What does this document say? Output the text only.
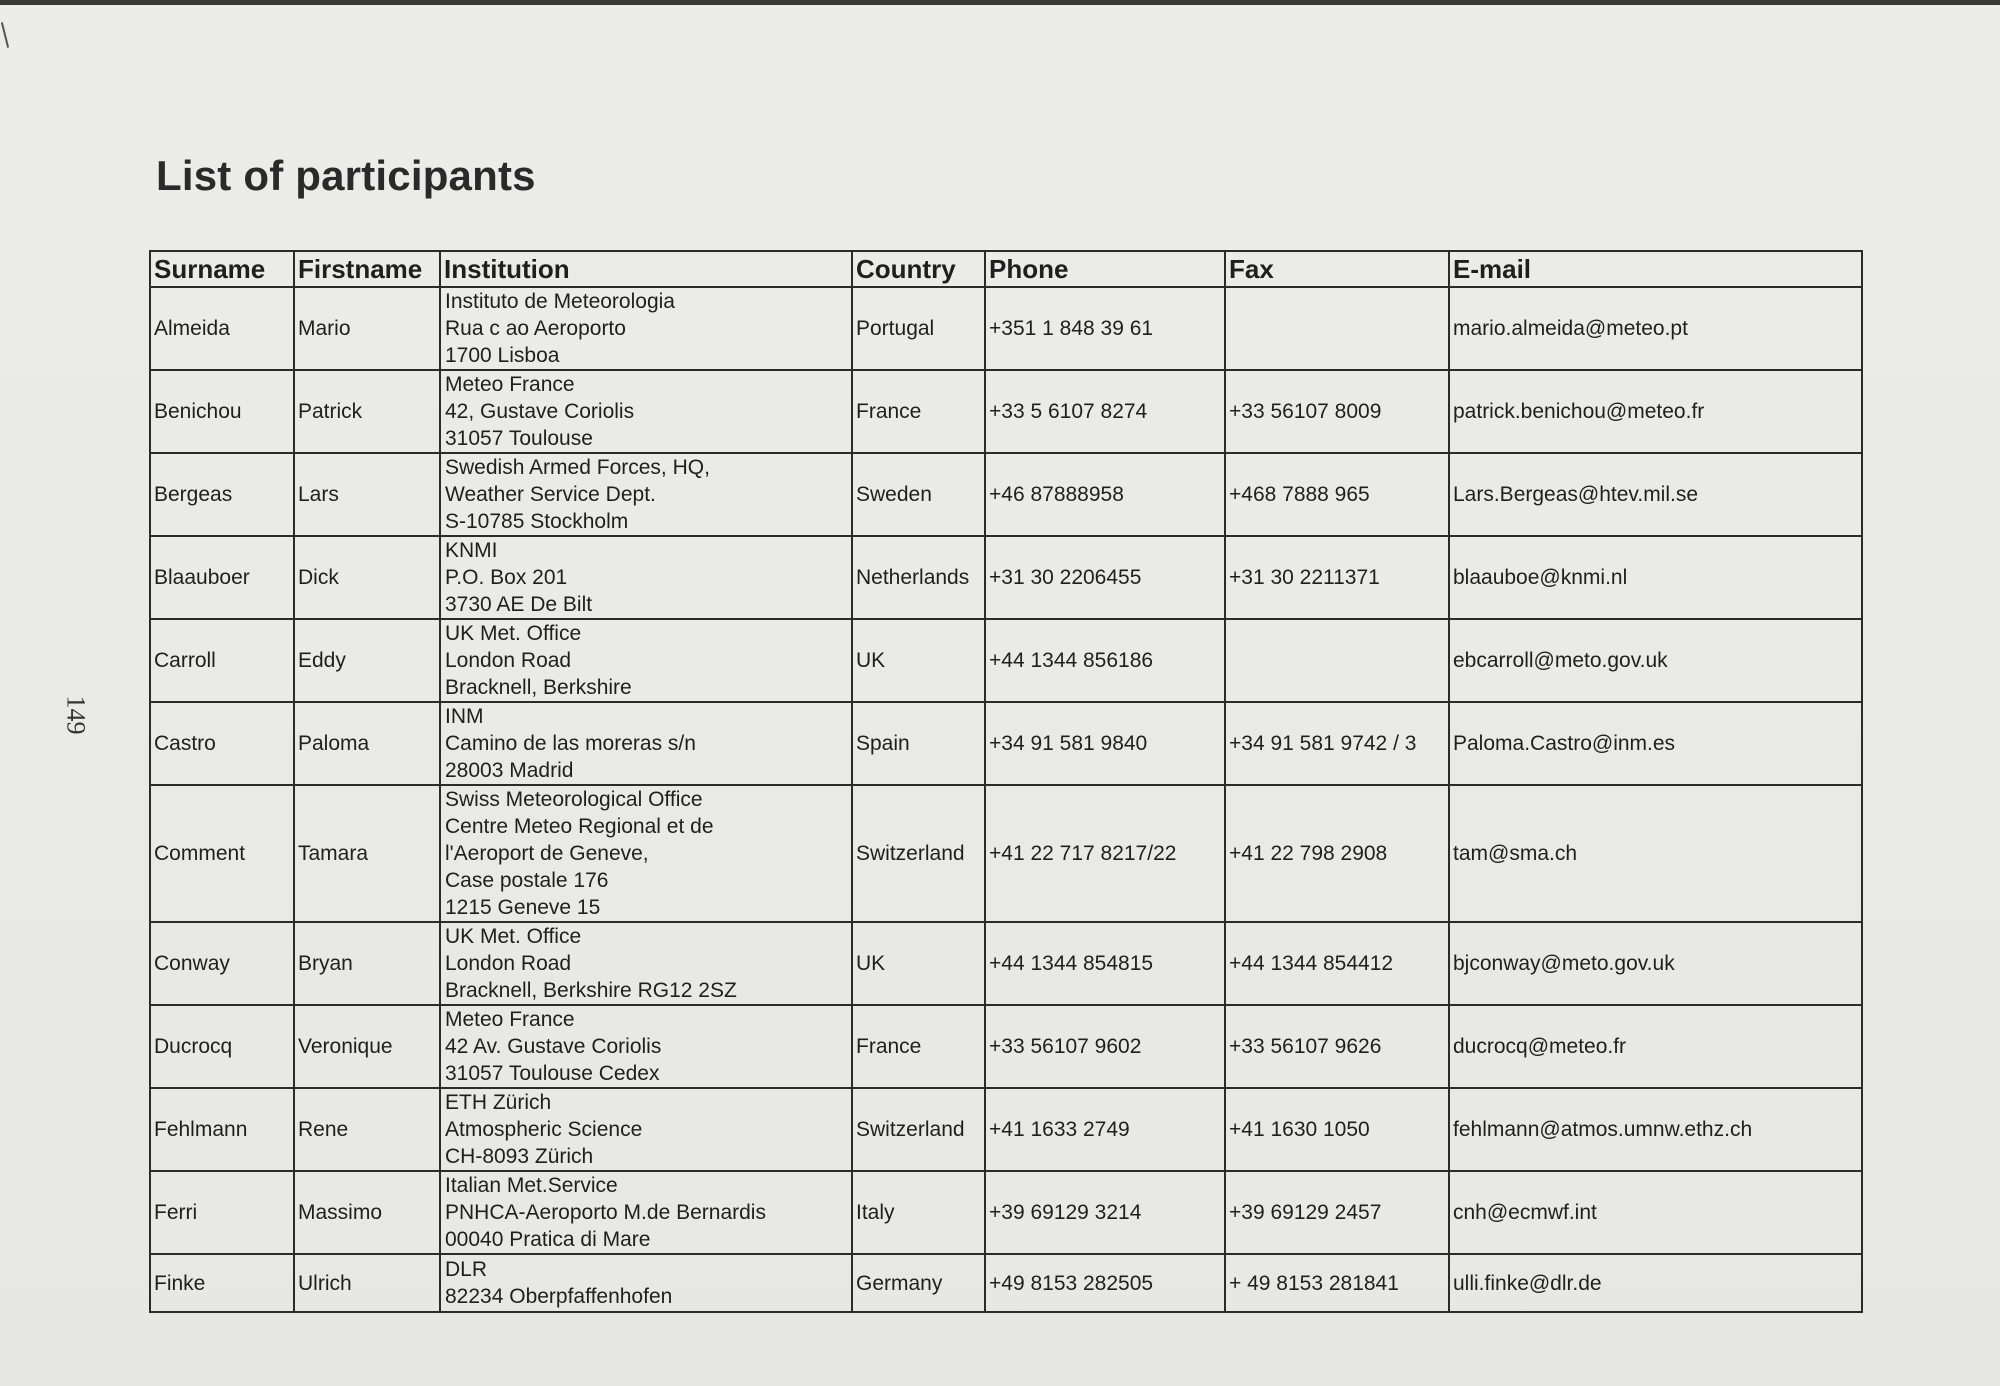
List of participants
149
Surname	Firstname	Institution	Country	Phone	Fax	E-mail
Almeida	Mario	Instituto de Meteorologia
Rua c ao Aeroporto
1700 Lisboa	Portugal	+351 1 848 39 61		mario.almeida@meteo.pt
Benichou	Patrick	Meteo France
42, Gustave Coriolis
31057 Toulouse	France	+33 5 6107 8274	+33 56107 8009	patrick.benichou@meteo.fr
Bergeas	Lars	Swedish Armed Forces, HQ,
Weather Service Dept.
S-10785 Stockholm	Sweden	+46 87888958	+468 7888 965	Lars.Bergeas@htev.mil.se
Blaauboer	Dick	KNMI
P.O. Box 201
3730 AE De Bilt	Netherlands	+31 30 2206455	+31 30 2211371	blaauboe@knmi.nl
Carroll	Eddy	UK Met. Office
London Road
Bracknell, Berkshire	UK	+44 1344 856186		ebcarroll@meto.gov.uk
Castro	Paloma	INM
Camino de las moreras s/n
28003 Madrid	Spain	+34 91 581 9840	+34 91 581 9742 / 3	Paloma.Castro@inm.es
Comment	Tamara	Swiss Meteorological Office
Centre Meteo Regional et de
l'Aeroport de Geneve,
Case postale 176
1215 Geneve 15	Switzerland	+41 22 717 8217/22	+41 22 798 2908	tam@sma.ch
Conway	Bryan	UK Met. Office
London Road
Bracknell, Berkshire RG12 2SZ	UK	+44 1344 854815	+44 1344 854412	bjconway@meto.gov.uk
Ducrocq	Veronique	Meteo France
42 Av. Gustave Coriolis
31057 Toulouse Cedex	France	+33 56107 9602	+33 56107 9626	ducrocq@meteo.fr
Fehlmann	Rene	ETH Zürich
Atmospheric Science
CH-8093 Zürich	Switzerland	+41 1633 2749	+41 1630 1050	fehlmann@atmos.umnw.ethz.ch
Ferri	Massimo	Italian Met.Service
PNHCA-Aeroporto M.de Bernardis
00040 Pratica di Mare	Italy	+39 69129 3214	+39 69129 2457	cnh@ecmwf.int
Finke	Ulrich	DLR
82234 Oberpfaffenhofen	Germany	+49 8153 282505	+ 49 8153 281841	ulli.finke@dlr.de
